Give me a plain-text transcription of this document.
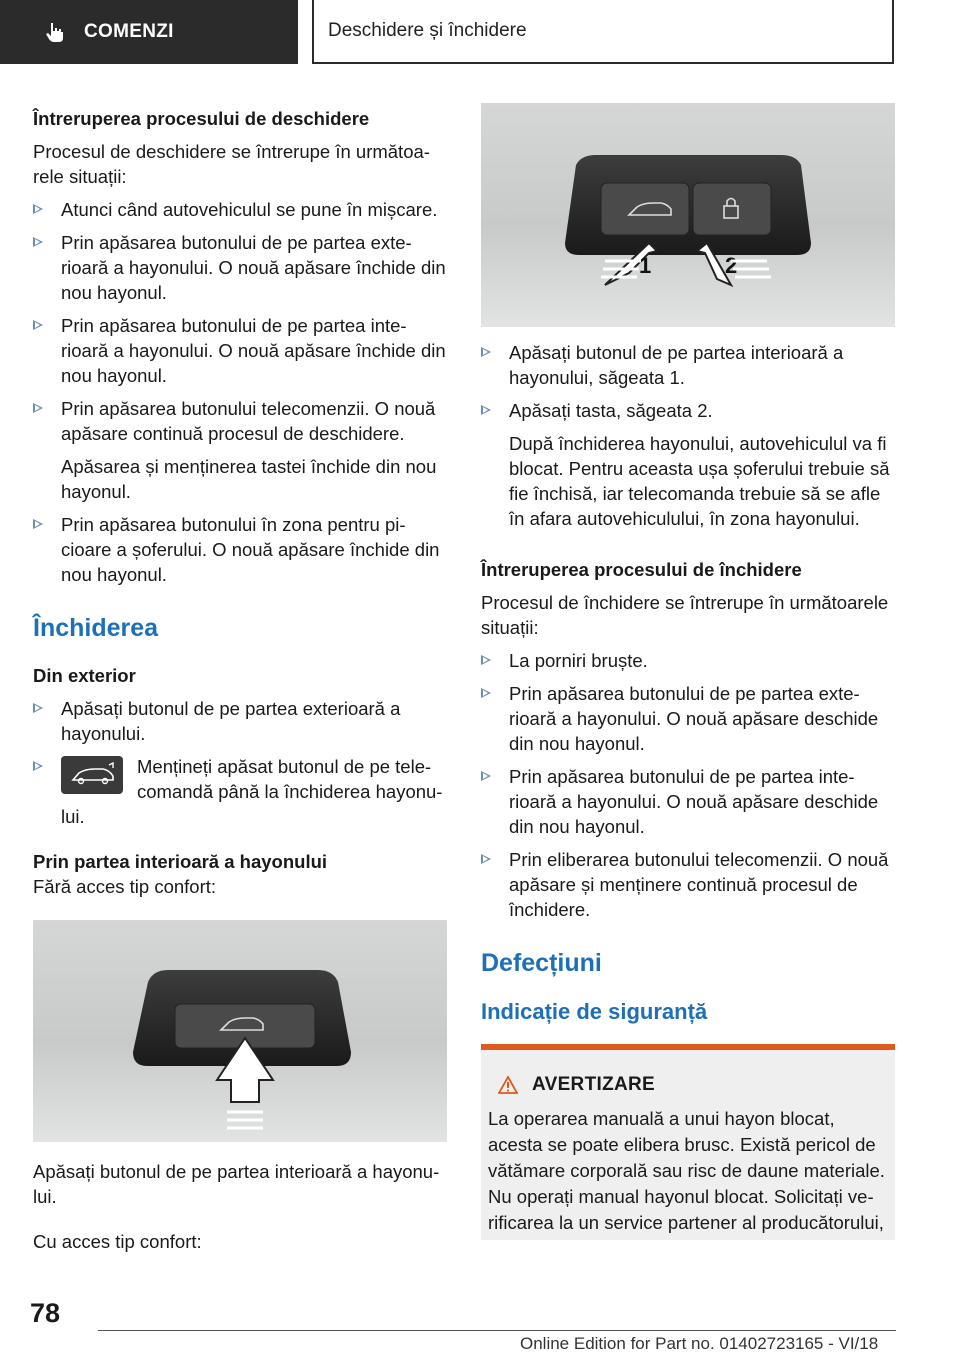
COMENZI	Deschidere și închidere
Întreruperea procesului de deschidere

Procesul de deschidere se întrerupe în următoa-rele situații:

Atunci când autovehiculul se pune în mișcare.
Prin apăsarea butonului de pe partea exte-rioară a hayonului. O nouă apăsare închide din nou hayonul.
Prin apăsarea butonului de pe partea inte-rioară a hayonului. O nouă apăsare închide din nou hayonul.
Prin apăsarea butonului telecomenzii. O nouă apăsare continuă procesul de deschidere.
Apăsarea și menținerea tastei închide din nou hayonul.
Prin apăsarea butonului în zona pentru pi-cioare a șoferului. O nouă apăsare închide din nou hayonul.
Închiderea
Din exterior
Apăsați butonul de pe partea exterioară a hayonului.
Mențineți apăsat butonul de pe tele-comandă până la închiderea hayonu-lui.
Prin partea interioară a hayonului

Fără acces tip confort:

Apăsați butonul de pe partea interioară a hayonu-lui.

Cu acces tip confort:

1	2
Apăsați butonul de pe partea interioară a hayonului, săgeata 1.
Apăsați tasta, săgeata 2.
După închiderea hayonului, autovehiculul va fi blocat. Pentru aceasta ușa șoferului trebuie să fie închisă, iar telecomanda trebuie să se afle în afara autovehiculului, în zona hayonului.
Întreruperea procesului de închidere

Procesul de închidere se întrerupe în următoarele situații:

La porniri bruște.
Prin apăsarea butonului de pe partea exte-rioară a hayonului. O nouă apăsare deschide din nou hayonul.
Prin apăsarea butonului de pe partea inte-rioară a hayonului. O nouă apăsare deschide din nou hayonul.
Prin eliberarea butonului telecomenzii. O nouă apăsare și menținere continuă procesul de închidere.
Defecțiuni
Indicație de siguranță
AVERTIZARE

La operarea manuală a unui hayon blocat, acesta se poate elibera brusc. Există pericol de vătămare corporală sau risc de daune materiale. Nu operați manual hayonul blocat. Solicitați ve-rificarea la un service partener al producătorului,

78
Online Edition for Part no. 01402723165 - VI/18
